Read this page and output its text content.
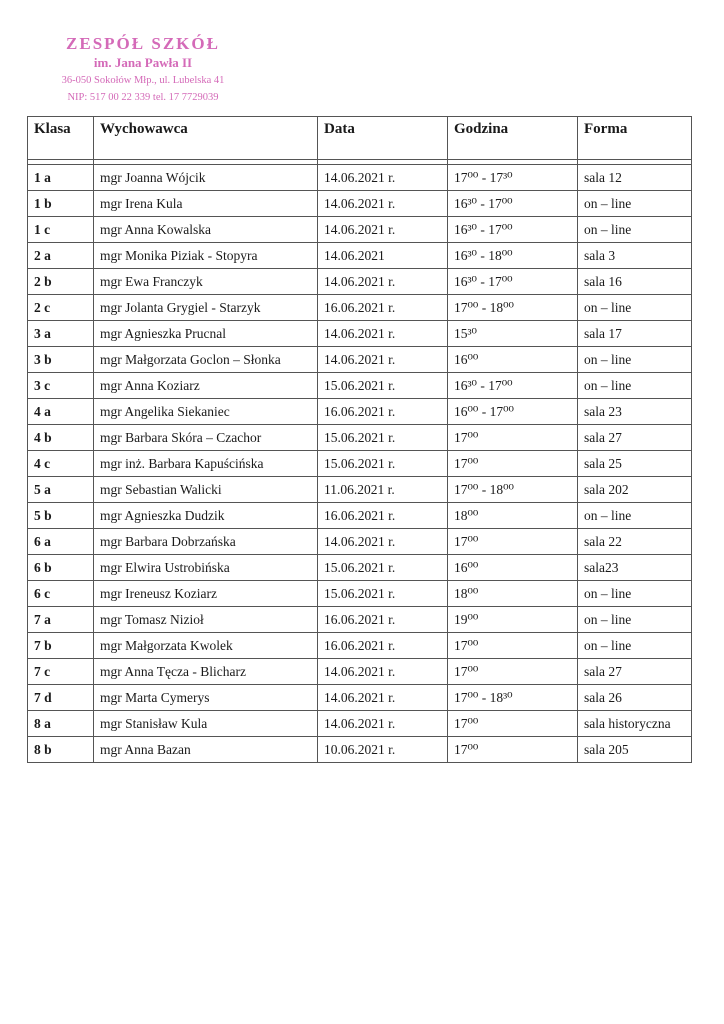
ZESPÓŁ SZKÓŁ
im. Jana Pawła II
36-050 Sokołów Młp., ul. Lubelska 41
NIP: 517 00 22 339 tel. 17 7729039
Klasa	Wychowawca	Data	Godzina	Forma

1 a	mgr Joanna Wójcik	14.06.2021 r.	17⁰⁰ - 17³⁰	sala 12
1 b	mgr Irena Kula	14.06.2021 r.	16³⁰ - 17⁰⁰	on – line
1 c	mgr Anna Kowalska	14.06.2021 r.	16³⁰ - 17⁰⁰	on – line
2 a	mgr Monika Piziak - Stopyra	14.06.2021	16³⁰ - 18⁰⁰	sala 3
2 b	mgr Ewa Franczyk	14.06.2021 r.	16³⁰ - 17⁰⁰	sala 16
2 c	mgr Jolanta Grygiel - Starzyk	16.06.2021 r.	17⁰⁰ - 18⁰⁰	on – line
3 a	mgr Agnieszka Prucnal	14.06.2021 r.	15³⁰	sala 17
3 b	mgr Małgorzata Goclon – Słonka	14.06.2021 r.	16⁰⁰	on – line
3 c	mgr Anna Koziarz	15.06.2021 r.	16³⁰ - 17⁰⁰	on – line
4 a	mgr Angelika Siekaniec	16.06.2021 r.	16⁰⁰ - 17⁰⁰	sala 23
4 b	mgr Barbara Skóra – Czachor	15.06.2021 r.	17⁰⁰	sala 27
4 c	mgr inż. Barbara Kapuścińska	15.06.2021 r.	17⁰⁰	sala 25
5 a	mgr Sebastian Walicki	11.06.2021 r.	17⁰⁰ - 18⁰⁰	sala 202
5 b	mgr Agnieszka Dudzik	16.06.2021 r.	18⁰⁰	on – line
6 a	mgr Barbara Dobrzańska	14.06.2021 r.	17⁰⁰	sala 22
6 b	mgr Elwira Ustrobińska	15.06.2021 r.	16⁰⁰	sala23
6 c	mgr Ireneusz Koziarz	15.06.2021 r.	18⁰⁰	on – line
7 a	mgr Tomasz Nizioł	16.06.2021 r.	19⁰⁰	on – line
7 b	mgr Małgorzata Kwolek	16.06.2021 r.	17⁰⁰	on – line
7 c	mgr Anna Tęcza - Blicharz	14.06.2021 r.	17⁰⁰	sala 27
7 d	mgr Marta Cymerys	14.06.2021 r.	17⁰⁰ - 18³⁰	sala 26
8 a	mgr Stanisław Kula	14.06.2021 r.	17⁰⁰	sala historyczna
8 b	mgr Anna Bazan	10.06.2021 r.	17⁰⁰	sala 205
